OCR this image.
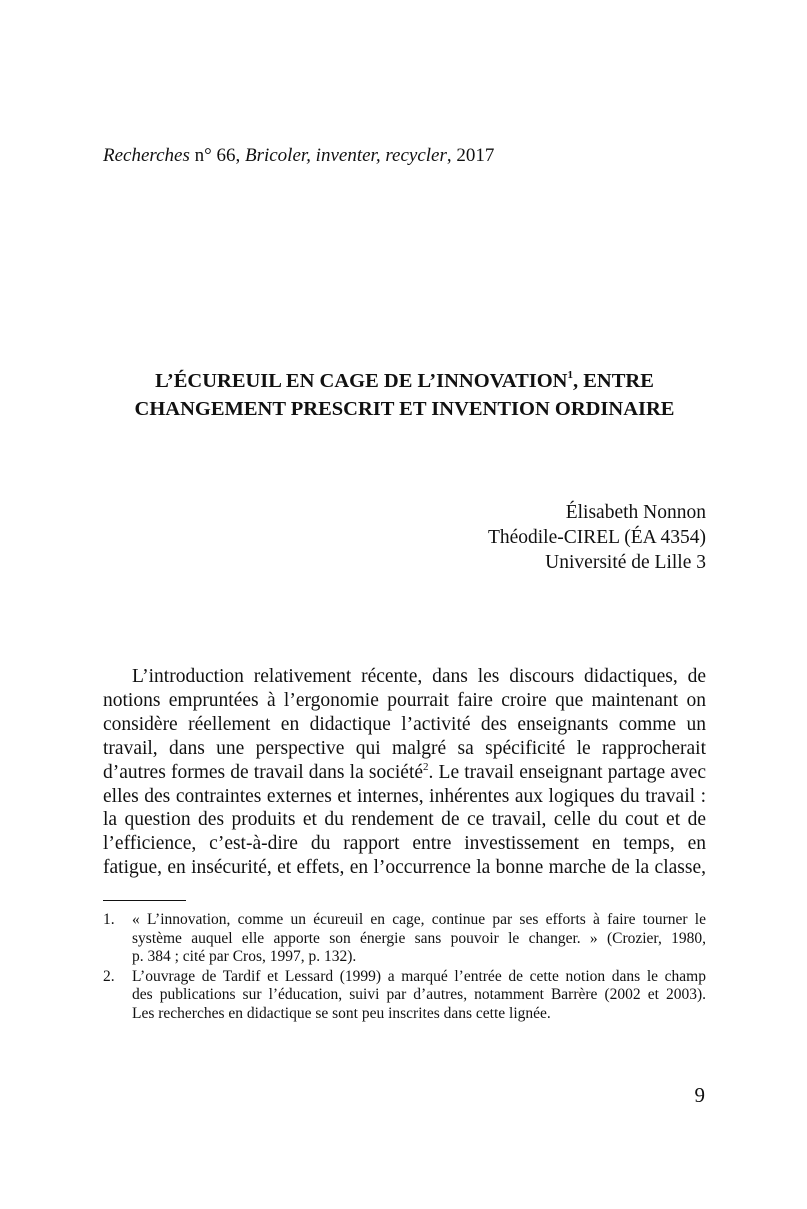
Recherches n° 66, Bricoler, inventer, recycler, 2017
L’ÉCUREUIL EN CAGE DE L’INNOVATION$^1$, ENTRE
CHANGEMENT PRESCRIT ET INVENTION ORDINAIRE
Élisabeth Nonnon
Théodile-CIREL (ÉA 4354)
Université de Lille 3
L’introduction relativement récente, dans les discours didactiques, de
notions empruntées à l’ergonomie pourrait faire croire que maintenant on
considère réellement en didactique l’activité des enseignants comme un
travail, dans une perspective qui malgré sa spécificité le rapprocherait
d’autres formes de travail dans la société$^2$. Le travail enseignant partage avec
elles des contraintes externes et internes, inhérentes aux logiques du travail :
la question des produits et du rendement de ce travail, celle du cout et de
l’efficience, c’est-à-dire du rapport entre investissement en temps, en
fatigue, en insécurité, et effets, en l’occurrence la bonne marche de la classe,
1. « L’innovation, comme un écureuil en cage, continue par ses efforts à faire tourner le
système auquel elle apporte son énergie sans pouvoir le changer. » (Crozier, 1980,
p. 384 ; cité par Cros, 1997, p. 132).
2. L’ouvrage de Tardif et Lessard (1999) a marqué l’entrée de cette notion dans le champ
des publications sur l’éducation, suivi par d’autres, notamment Barrère (2002 et 2003).
Les recherches en didactique se sont peu inscrites dans cette lignée.
9
